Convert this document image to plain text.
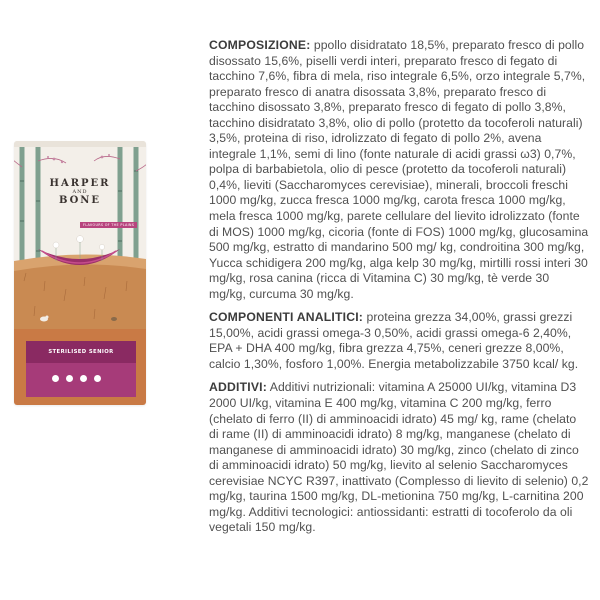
HARPER
AND
BONE
FLAVOURS OF THE PLAINS
STERILISED SENIOR

COMPOSIZIONE: ppollo disidratato 18,5%, preparato fresco di pollo disossato 15,6%, piselli verdi interi, preparato fresco di fegato di tacchino 7,6%, fibra di mela, riso integrale 6,5%, orzo integrale 5,7%, preparato fresco di anatra disossata 3,8%, preparato fresco di tacchino disossato 3,8%, preparato fresco di fegato di pollo 3,8%, tacchino disidratato 3,8%, olio di pollo (protetto da tocoferoli naturali) 3,5%, proteina di riso, idrolizzato di fegato di pollo 2%, avena integrale 1,1%, semi di lino (fonte naturale di acidi grassi ω3) 0,7%, polpa di barbabietola, olio di pesce (protetto da tocoferoli naturali) 0,4%, lieviti (Saccharomyces cerevisiae), minerali, broccoli freschi 1000 mg/kg, zucca fresca 1000 mg/kg, carota fresca 1000 mg/kg, mela fresca 1000 mg/kg, parete cellulare del lievito idrolizzato (fonte di MOS) 1000 mg/kg, cicoria (fonte di FOS) 1000 mg/kg, glucosamina 500 mg/kg, estratto di mandarino 500 mg/ kg, condroitina 300 mg/kg, Yucca schidigera 200 mg/kg, alga kelp 30 mg/kg, mirtilli rossi interi 30 mg/kg, rosa canina (ricca di Vitamina C) 30 mg/kg, tè verde 30 mg/kg, curcuma 30 mg/kg.

COMPONENTI ANALITICI: proteina grezza 34,00%, grassi grezzi 15,00%, acidi grassi omega-3 0,50%, acidi grassi omega-6 2,40%, EPA + DHA 400 mg/kg, fibra grezza 4,75%, ceneri grezze 8,00%, calcio 1,30%, fosforo 1,00%. Energia metabolizzabile 3750 kcal/ kg.

ADDITIVI: Additivi nutrizionali: vitamina A 25000 UI/kg, vitamina D3 2000 UI/kg, vitamina E 400 mg/kg, vitamina C 200 mg/kg, ferro (chelato di ferro (II) di amminoacidi idrato) 45 mg/ kg, rame (chelato di rame (II) di amminoacidi idrato) 8 mg/kg, manganese (chelato di manganese di amminoacidi idrato) 30 mg/kg, zinco (chelato di zinco di amminoacidi idrato) 50 mg/kg, lievito al selenio Saccharomyces cerevisiae NCYC R397, inattivato (Complesso di lievito di selenio) 0,2 mg/kg, taurina 1500 mg/kg, DL-metionina 750 mg/kg, L-carnitina 200 mg/kg. Additivi tecnologici: antiossidanti: estratti di tocoferolo da oli vegetali 150 mg/kg.
